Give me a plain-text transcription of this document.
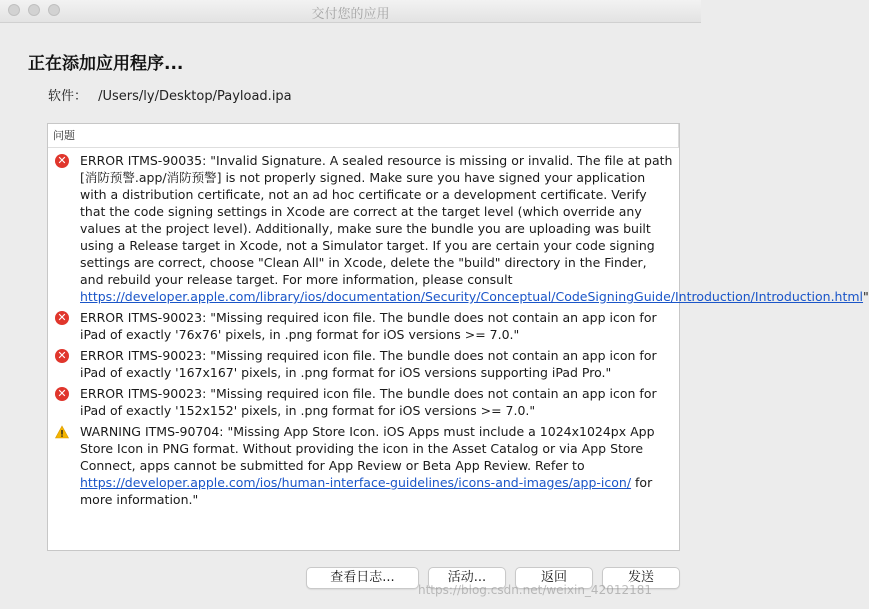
交付您的应用
正在添加应用程序...
软件： /Users/ly/Desktop/Payload.ipa
问题
✕ ERROR ITMS-90035: "Invalid Signature. A sealed resource is missing or invalid. The file at path [消防预警.app/消防预警] is not properly signed. Make sure you have signed your application with a distribution certificate, not an ad hoc certificate or a development certificate. Verify that the code signing settings in Xcode are correct at the target level (which override any values at the project level). Additionally, make sure the bundle you are uploading was built using a Release target in Xcode, not a Simulator target. If you are certain your code signing settings are correct, choose "Clean All" in Xcode, delete the "build" directory in the Finder, and rebuild your release target. For more information, please consult https://developer.apple.com/library/ios/documentation/Security/Conceptual/CodeSigningGuide/Introduction/Introduction.html"
✕ ERROR ITMS-90023: "Missing required icon file. The bundle does not contain an app icon for iPad of exactly '76x76' pixels, in .png format for iOS versions >= 7.0."
✕ ERROR ITMS-90023: "Missing required icon file. The bundle does not contain an app icon for iPad of exactly '167x167' pixels, in .png format for iOS versions supporting iPad Pro."
✕ ERROR ITMS-90023: "Missing required icon file. The bundle does not contain an app icon for iPad of exactly '152x152' pixels, in .png format for iOS versions >= 7.0."
WARNING ITMS-90704: "Missing App Store Icon. iOS Apps must include a 1024x1024px App Store Icon in PNG format. Without providing the icon in the Asset Catalog or via App Store Connect, apps cannot be submitted for App Review or Beta App Review. Refer to https://developer.apple.com/ios/human-interface-guidelines/icons-and-images/app-icon/ for more information."
查看日志...	活动...	返回	发送
https://blog.csdn.net/weixin_42012181
